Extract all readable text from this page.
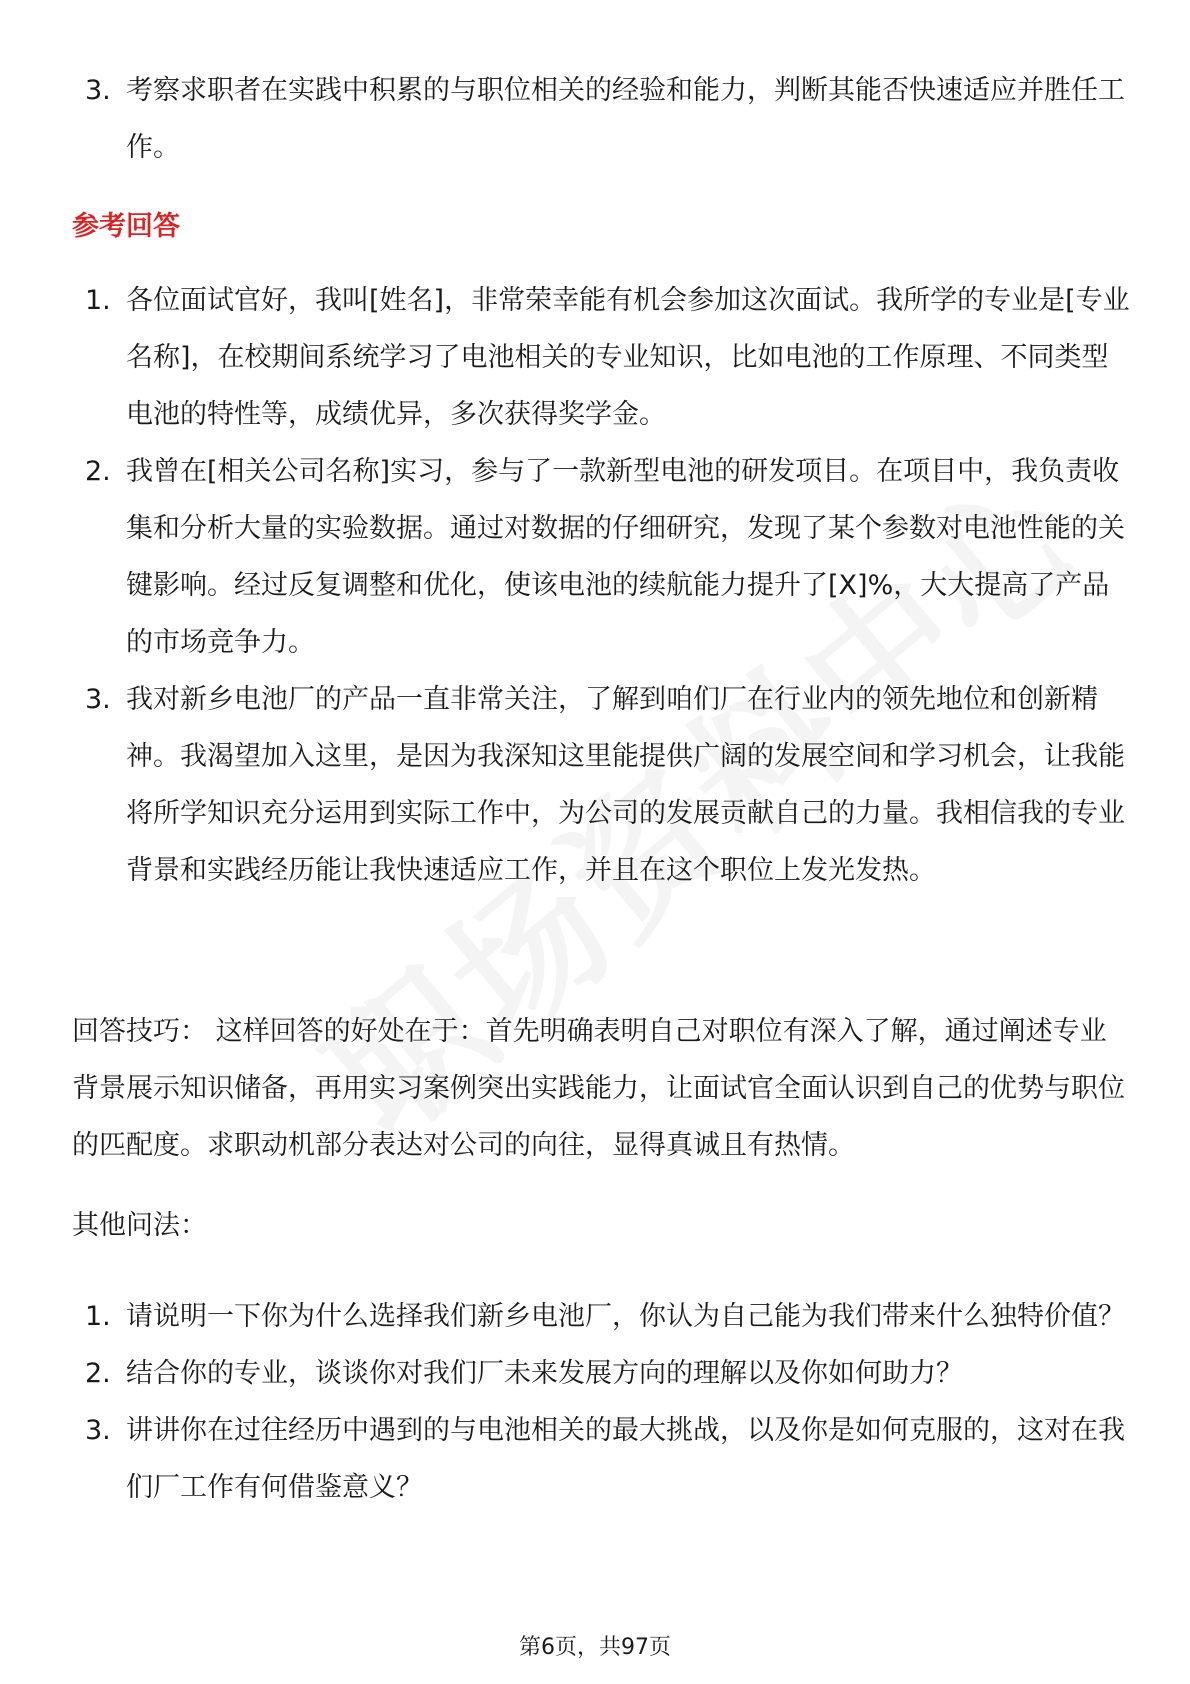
3. 考察求职者在实践中积累的与职位相关的经验和能力，判断其能否快速适应并胜任工作。
参考回答
1. 各位面试官好，我叫[姓名]，非常荣幸能有机会参加这次面试。我所学的专业是[专业名称]，在校期间系统学习了电池相关的专业知识，比如电池的工作原理、不同类型电池的特性等，成绩优异，多次获得奖学金。
2. 我曾在[相关公司名称]实习，参与了一款新型电池的研发项目。在项目中，我负责收集和分析大量的实验数据。通过对数据的仔细研究，发现了某个参数对电池性能的关键影响。经过反复调整和优化，使该电池的续航能力提升了[X]%，大大提高了产品的市场竞争力。
3. 我对新乡电池厂的产品一直非常关注，了解到咱们厂在行业内的领先地位和创新精神。我渴望加入这里，是因为我深知这里能提供广阔的发展空间和学习机会，让我能将所学知识充分运用到实际工作中，为公司的发展贡献自己的力量。我相信我的专业背景和实践经历能让我快速适应工作，并且在这个职位上发光发热。
回答技巧： 这样回答的好处在于：首先明确表明自己对职位有深入了解，通过阐述专业背景展示知识储备，再用实习案例突出实践能力，让面试官全面认识到自己的优势与职位的匹配度。求职动机部分表达对公司的向往，显得真诚且有热情。
其他问法：
1. 请说明一下你为什么选择我们新乡电池厂，你认为自己能为我们带来什么独特价值？
2. 结合你的专业，谈谈你对我们厂未来发展方向的理解以及你如何助力？
3. 讲讲你在过往经历中遇到的与电池相关的最大挑战，以及你是如何克服的，这对在我们厂工作有何借鉴意义？
第6页，共97页
